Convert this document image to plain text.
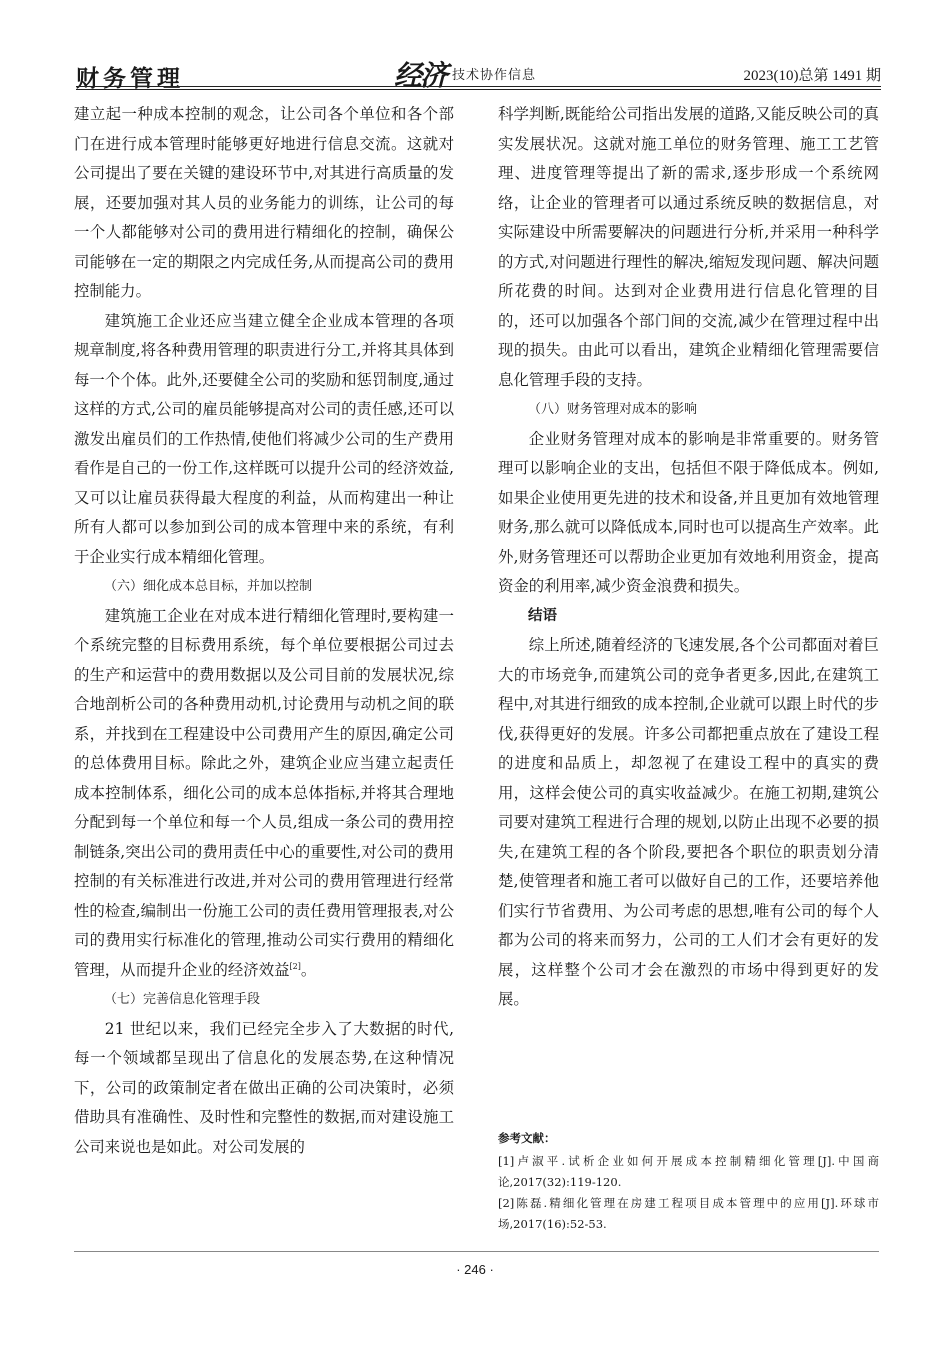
财务管理	经济 技术协作信息	2023(10)总第 1491 期

建立起一种成本控制的观念，让公司各个单位和各个部门在进行成本管理时能够更好地进行信息交流。这就对公司提出了要在关键的建设环节中,对其进行高质量的发展，还要加强对其人员的业务能力的训练，让公司的每一个人都能够对公司的费用进行精细化的控制，确保公司能够在一定的期限之内完成任务,从而提高公司的费用控制能力。

建筑施工企业还应当建立健全企业成本管理的各项规章制度,将各种费用管理的职责进行分工,并将其具体到每一个个体。此外,还要健全公司的奖励和惩罚制度,通过这样的方式,公司的雇员能够提高对公司的责任感,还可以激发出雇员们的工作热情,使他们将减少公司的生产费用看作是自己的一份工作,这样既可以提升公司的经济效益,又可以让雇员获得最大程度的利益，从而构建出一种让所有人都可以参加到公司的成本管理中来的系统，有利于企业实行成本精细化管理。

（六）细化成本总目标，并加以控制

建筑施工企业在对成本进行精细化管理时,要构建一个系统完整的目标费用系统，每个单位要根据公司过去的生产和运营中的费用数据以及公司目前的发展状况,综合地剖析公司的各种费用动机,讨论费用与动机之间的联系，并找到在工程建设中公司费用产生的原因,确定公司的总体费用目标。除此之外，建筑企业应当建立起责任成本控制体系，细化公司的成本总体指标,并将其合理地分配到每一个单位和每一个人员,组成一条公司的费用控制链条,突出公司的费用责任中心的重要性,对公司的费用控制的有关标准进行改进,并对公司的费用管理进行经常性的检查,编制出一份施工公司的责任费用管理报表,对公司的费用实行标准化的管理,推动公司实行费用的精细化管理，从而提升企业的经济效益[2]。

（七）完善信息化管理手段

21 世纪以来，我们已经完全步入了大数据的时代,每一个领域都呈现出了信息化的发展态势,在这种情况下，公司的政策制定者在做出正确的公司决策时，必须借助具有准确性、及时性和完整性的数据,而对建设施工公司来说也是如此。对公司发展的

科学判断,既能给公司指出发展的道路,又能反映公司的真实发展状况。这就对施工单位的财务管理、施工工艺管理、进度管理等提出了新的需求,逐步形成一个系统网络，让企业的管理者可以通过系统反映的数据信息，对实际建设中所需要解决的问题进行分析,并采用一种科学的方式,对问题进行理性的解决,缩短发现问题、解决问题所花费的时间。达到对企业费用进行信息化管理的目的，还可以加强各个部门间的交流,减少在管理过程中出现的损失。由此可以看出，建筑企业精细化管理需要信息化管理手段的支持。

（八）财务管理对成本的影响

企业财务管理对成本的影响是非常重要的。财务管理可以影响企业的支出，包括但不限于降低成本。例如,如果企业使用更先进的技术和设备,并且更加有效地管理财务,那么就可以降低成本,同时也可以提高生产效率。此外,财务管理还可以帮助企业更加有效地利用资金，提高资金的利用率,减少资金浪费和损失。

结语

综上所述,随着经济的飞速发展,各个公司都面对着巨大的市场竞争,而建筑公司的竞争者更多,因此,在建筑工程中,对其进行细致的成本控制,企业就可以跟上时代的步伐,获得更好的发展。许多公司都把重点放在了建设工程的进度和品质上，却忽视了在建设工程中的真实的费用，这样会使公司的真实收益减少。在施工初期,建筑公司要对建筑工程进行合理的规划,以防止出现不必要的损失,在建筑工程的各个阶段,要把各个职位的职责划分清楚,使管理者和施工者可以做好自己的工作，还要培养他们实行节省费用、为公司考虑的思想,唯有公司的每个人都为公司的将来而努力，公司的工人们才会有更好的发展，这样整个公司才会在激烈的市场中得到更好的发展。

参考文献：

[1]卢淑平.试析企业如何开展成本控制精细化管理[J].中国商论,2017(32):119-120.

[2]陈磊.精细化管理在房建工程项目成本管理中的应用[J].环球市场,2017(16):52-53.

· 246 ·
